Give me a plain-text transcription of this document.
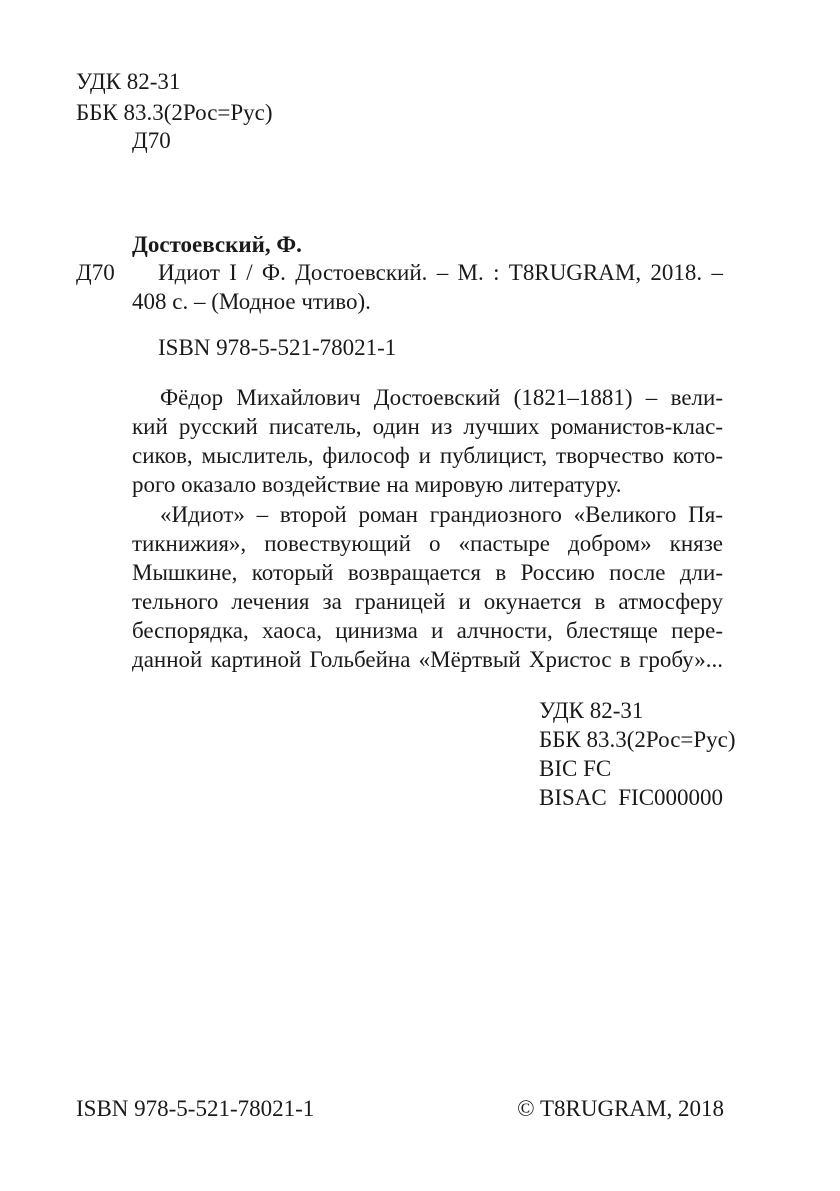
УДК 82-31
ББК 83.3(2Рос=Рус)
Д70
Достоевский, Ф.
Д70 Идиот I / Ф. Достоевский. – М. : T8RUGRAM, 2018. –
408 с. – (Модное чтиво).
ISBN 978-5-521-78021-1
Фёдор Михайлович Достоевский (1821–1881) – вели-
кий русский писатель, один из лучших романистов-клас-
сиков, мыслитель, философ и публицист, творчество кото-
рого оказало воздействие на мировую литературу.
«Идиот» – второй роман грандиозного «Великого Пя-
тикнижия», повествующий о «пастыре добром» князе
Мышкине, который возвращается в Россию после дли-
тельного лечения за границей и окунается в атмосферу
беспорядка, хаоса, цинизма и алчности, блестяще пере-
данной картиной Гольбейна «Мёртвый Христос в гробу»...
УДК 82-31
ББК 83.3(2Рос=Рус)
BIC FC
BISAC  FIC000000
ISBN 978-5-521-78021-1	© T8RUGRAM, 2018
